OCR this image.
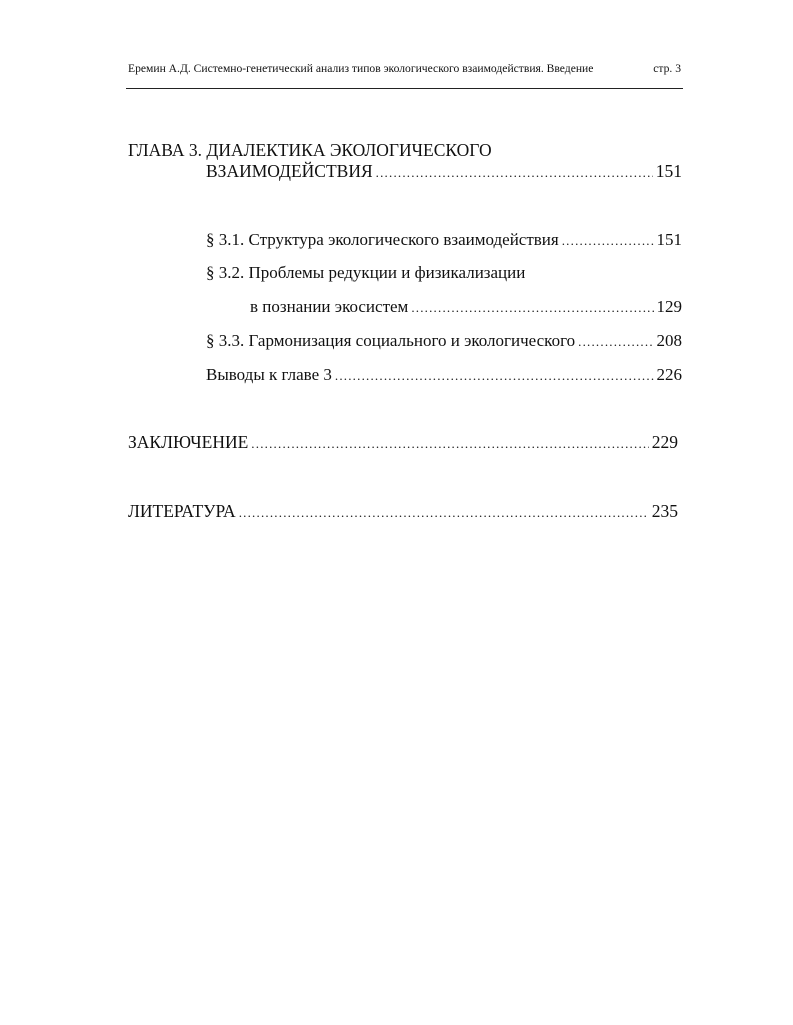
Еремин А.Д. Системно-генетический анализ типов экологического взаимодействия. Введение	стр. 3
ГЛАВА 3. ДИАЛЕКТИКА ЭКОЛОГИЧЕСКОГО
ВЗАИМОДЕЙСТВИЯ .....	151
§ 3.1. Структура экологического взаимодействия .....	151
§ 3.2. Проблемы редукции и физикализации
в познании экосистем .....	129
§ 3.3. Гармонизация социального и экологического .....	208
Выводы к главе 3 .....	226
ЗАКЛЮЧЕНИЕ .....	229
ЛИТЕРАТУРА .....	235
